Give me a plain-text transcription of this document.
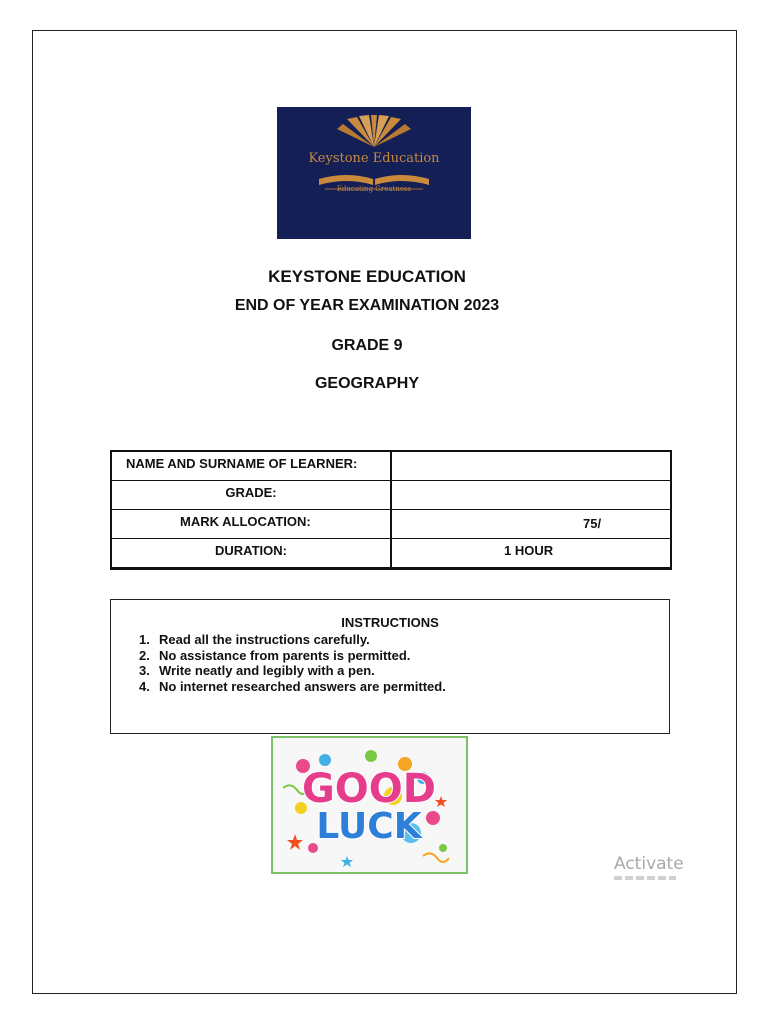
Keystone Education
Educating Greatness
KEYSTONE EDUCATION
END OF YEAR EXAMINATION 2023
GRADE 9
GEOGRAPHY
NAME AND SURNAME OF LEARNER:
GRADE:
MARK ALLOCATION:	75/
DURATION:	1 HOUR
INSTRUCTIONS
1. Read all the instructions carefully.
2. No assistance from parents is permitted.
3. Write neatly and legibly with a pen.
4. No internet researched answers are permitted.
GOOD
LUCK
Activate
